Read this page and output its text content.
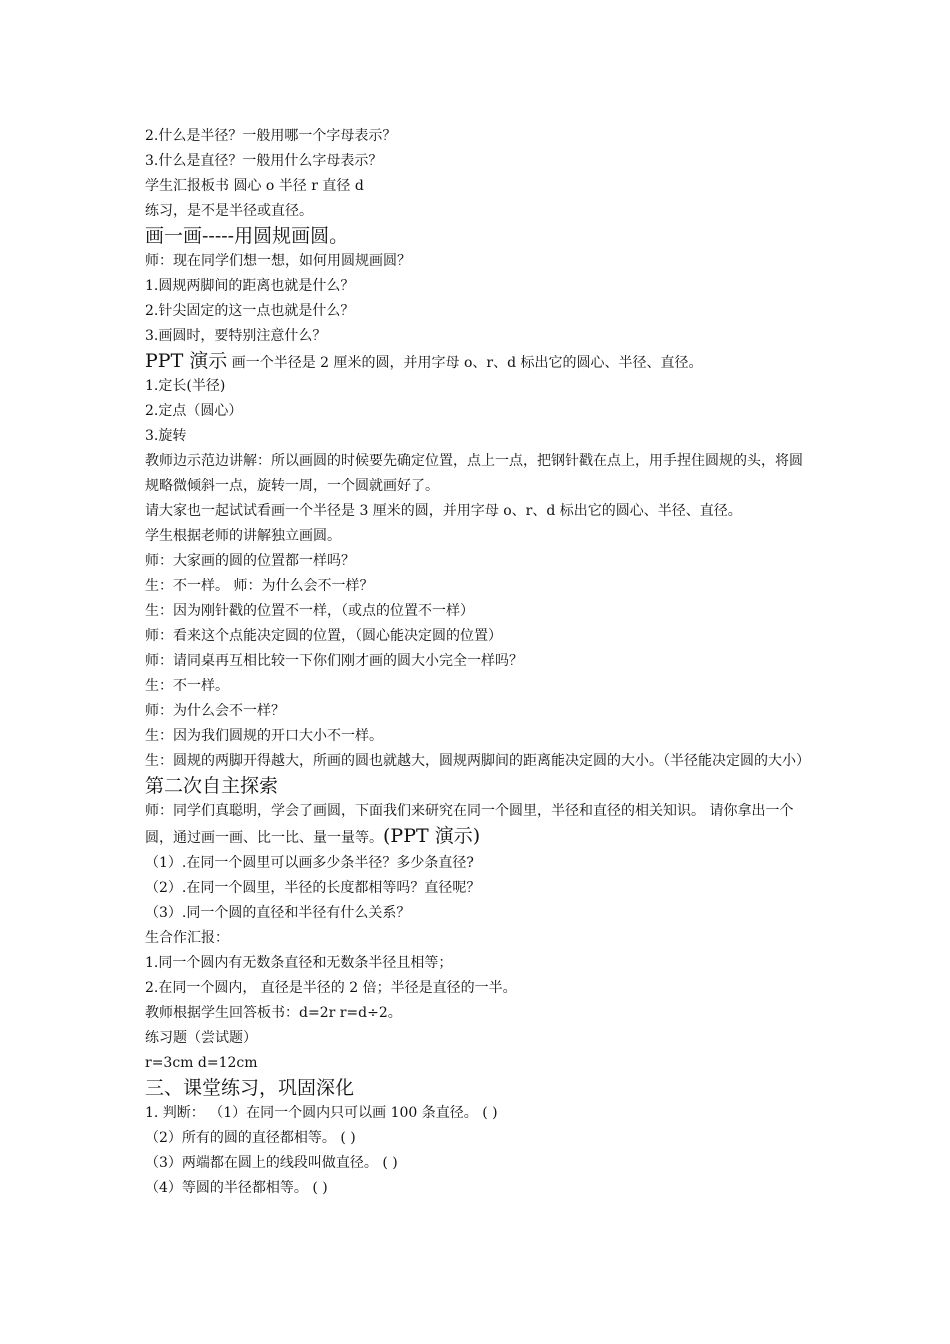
2.什么是半径？一般用哪一个字母表示？
3.什么是直径？一般用什么字母表示？
学生汇报板书 圆心 o 半径 r 直径 d
练习，是不是半径或直径。
画一画-----用圆规画圆。
师：现在同学们想一想，如何用圆规画圆？
1.圆规两脚间的距离也就是什么？
2.针尖固定的这一点也就是什么？
3.画圆时，要特别注意什么？
PPT 演示 画一个半径是 2 厘米的圆，并用字母 o、r、d 标出它的圆心、半径、直径。
1.定长(半径)
2.定点（圆心）
3.旋转
教师边示范边讲解：所以画圆的时候要先确定位置，点上一点，把钢针戳在点上，用手捏住圆规的头，将圆规略微倾斜一点，旋转一周，一个圆就画好了。
请大家也一起试试看画一个半径是 3 厘米的圆，并用字母 o、r、d 标出它的圆心、半径、直径。
学生根据老师的讲解独立画圆。
师：大家画的圆的位置都一样吗？
生：不一样。 师：为什么会不一样？
生：因为刚针戳的位置不一样，（或点的位置不一样）
师：看来这个点能决定圆的位置，（圆心能决定圆的位置）
师：请同桌再互相比较一下你们刚才画的圆大小完全一样吗？
生：不一样。
师：为什么会不一样？
生：因为我们圆规的开口大小不一样。
生：圆规的两脚开得越大，所画的圆也就越大，圆规两脚间的距离能决定圆的大小。（半径能决定圆的大小）
第二次自主探索
师：同学们真聪明，学会了画圆，下面我们来研究在同一个圆里，半径和直径的相关知识。 请你拿出一个圆，通过画一画、比一比、量一量等。(PPT 演示)
（1）.在同一个圆里可以画多少条半径？多少条直径?
（2）.在同一个圆里，半径的长度都相等吗？直径呢？
（3）.同一个圆的直径和半径有什么关系？
生合作汇报：
1.同一个圆内有无数条直径和无数条半径且相等；
2.在同一个圆内， 直径是半径的 2 倍；半径是直径的一半。
教师根据学生回答板书：d=2r r=d÷2。
练习题（尝试题）
r=3cm d=12cm
三、课堂练习，巩固深化
1. 判断： （1）在同一个圆内只可以画 100 条直径。 ( )
（2）所有的圆的直径都相等。 ( )
（3）两端都在圆上的线段叫做直径。 ( )
（4）等圆的半径都相等。 ( )
